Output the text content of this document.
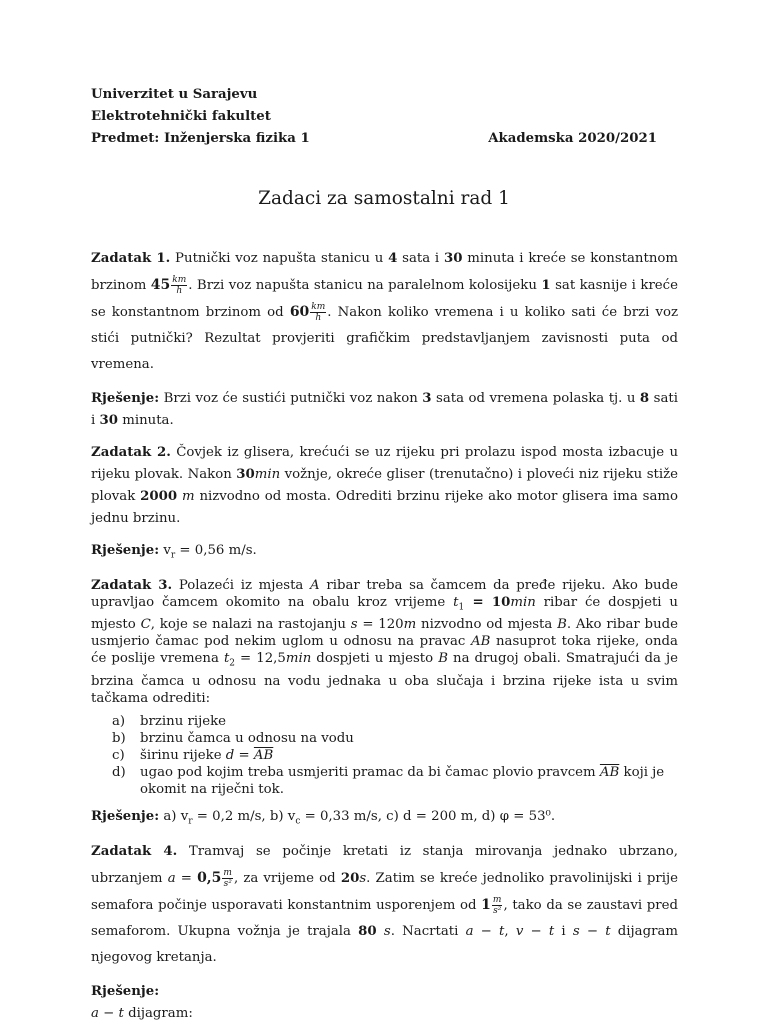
Univerzitet u Sarajevu
Elektrotehnički fakultet
Predmet: Inženjerska fizika 1	Akademska 2020/2021
Zadaci za samostalni rad 1

Zadatak 1. Putnički voz napušta stanicu u 4 sata i 30 minuta i kreće se konstantnom brzinom $45 \frac{km}{h}$ . Brzi voz napušta stanicu na paralelnom kolosijeku 1 sat kasnije i kreće se konstantnom brzinom od $60 \frac{km}{h}$ . Nakon koliko vremena i u koliko sati će brzi voz stići putnički? Rezultat provjeriti grafičkim predstavljanjem zavisnosti puta od vremena.

Rješenje: Brzi voz će sustići putnički voz nakon 3 sata od vremena polaska tj. u 8 sati i 30 minuta.

Zadatak 2. Čovjek iz glisera, krećući se uz rijeku pri prolazu ispod mosta izbacuje u rijeku plovak. Nakon 30min vožnje, okreće gliser (trenutačno) i ploveći niz rijeku stiže plovak 2000 m nizvodno od mosta. Odrediti brzinu rijeke ako motor glisera ima samo jednu brzinu.

Rješenje: $v_r = 0,56$ m/s.

Zadatak 3. Polazeći iz mjesta A ribar treba sa čamcem da pređe rijeku. Ako bude upravljao čamcem okomito na obalu kroz vrijeme $t_1 = 10\min$ ribar će dospjeti u mjesto C, koje se nalazi na rastojanju s = 120m nizvodno od mjesta B. Ako ribar bude usmjerio čamac pod nekim uglom u odnosu na pravac AB nasuprot toka rijeke, onda će poslije vremena $t_2 = 12,5\min$ dospjeti u mjesto B na drugoj obali. Smatrajući da je brzina čamca u odnosu na vodu jednaka u oba slučaja i brzina rijeke ista u svim tačkama odrediti:

a)	brzinu rijeke
b)	brzinu čamca u odnosu na vodu
c)	širinu rijeke $d = \overline{AB}$
d)	ugao pod kojim treba usmjeriti pramac da bi čamac plovio pravcem $\overline{AB}$ koji je okomit na riječni tok.

Rješenje: a) $v_r = 0,2$ m/s, b) $v_c = 0,33$ m/s, c) d = 200 m, d) φ = 53⁰.

Zadatak 4. Tramvaj se počinje kretati iz stanja mirovanja jednako ubrzano, ubrzanjem $a = 0,5 \frac{m}{\text{s²}}$ , za vrijeme od 20s. Zatim se kreće jednoliko pravolinijski i prije semafora počinje usporavati konstantnim usporenjem od $1 \frac{m}{\text{s²}}$ , tako da se zaustavi pred semaforom. Ukupna vožnja je trajala 80 s. Nacrtati a − t, v − t i s − t dijagram njegovog kretanja.

Rješenje:

a − t dijagram:
